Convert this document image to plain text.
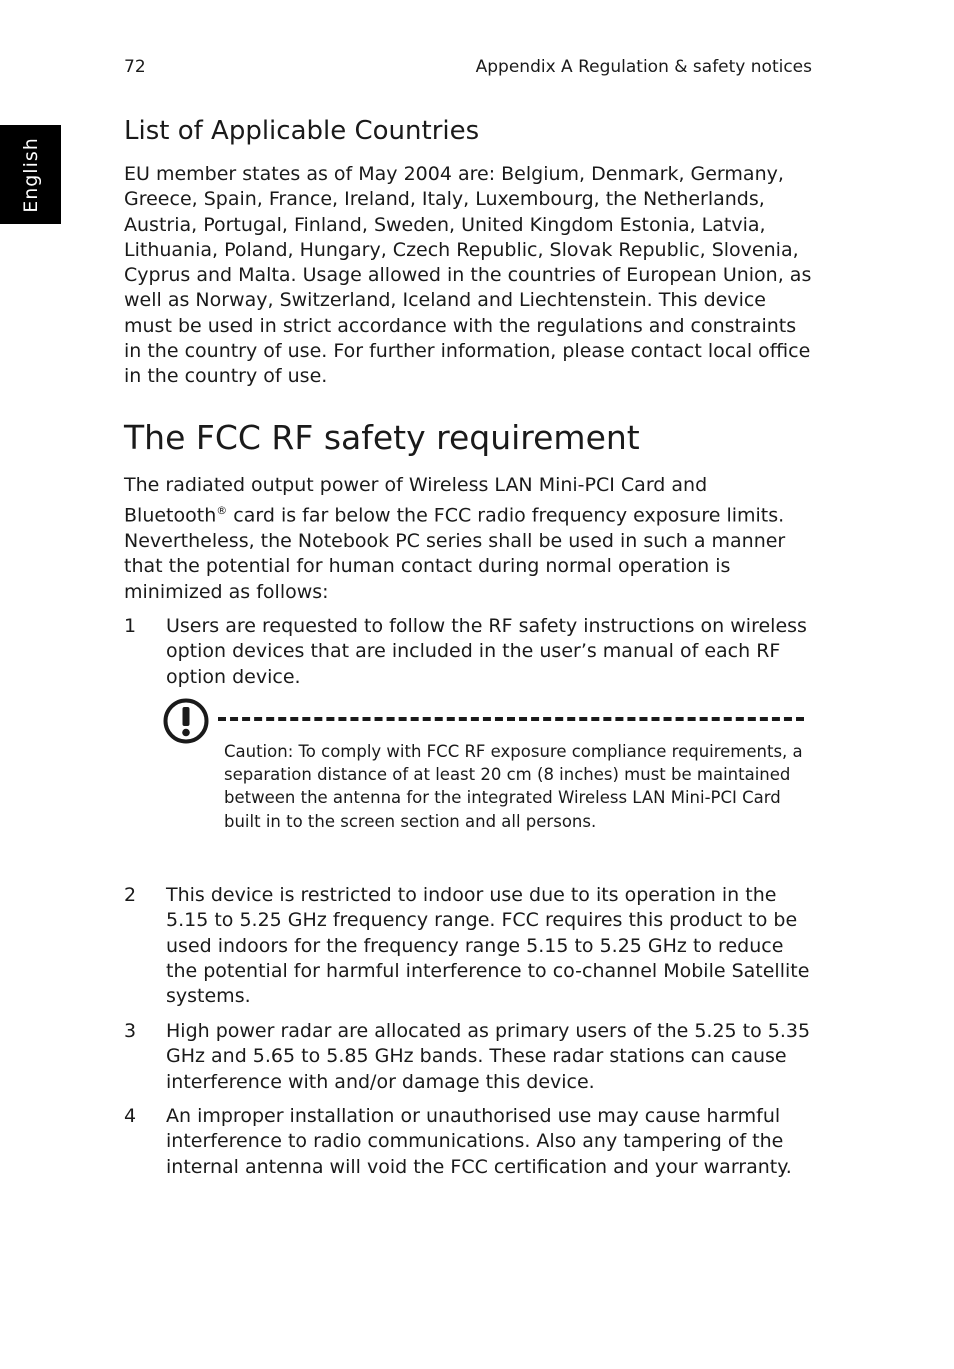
English
72	Appendix A Regulation & safety notices
List of Applicable Countries

EU member states as of May 2004 are: Belgium, Denmark, Germany, Greece, Spain, France, Ireland, Italy, Luxembourg, the Netherlands, Austria, Portugal, Finland, Sweden, United Kingdom Estonia, Latvia, Lithuania, Poland, Hungary, Czech Republic, Slovak Republic, Slovenia, Cyprus and Malta. Usage allowed in the countries of European Union, as well as Norway, Switzerland, Iceland and Liechtenstein. This device must be used in strict accordance with the regulations and constraints in the country of use. For further information, please contact local office in the country of use.

The FCC RF safety requirement

The radiated output power of Wireless LAN Mini-PCI Card and Bluetooth® card is far below the FCC radio frequency exposure limits. Nevertheless, the Notebook PC series shall be used in such a manner that the potential for human contact during normal operation is minimized as follows:

1 Users are requested to follow the RF safety instructions on wireless option devices that are included in the user’s manual of each RF option device.
Caution: To comply with FCC RF exposure compliance requirements, a separation distance of at least 20 cm (8 inches) must be maintained between the antenna for the integrated Wireless LAN Mini-PCI Card built in to the screen section and all persons.
2 This device is restricted to indoor use due to its operation in the 5.15 to 5.25 GHz frequency range. FCC requires this product to be used indoors for the frequency range 5.15 to 5.25 GHz to reduce the potential for harmful interference to co-channel Mobile Satellite systems.
3 High power radar are allocated as primary users of the 5.25 to 5.35 GHz and 5.65 to 5.85 GHz bands. These radar stations can cause interference with and/or damage this device.
4 An improper installation or unauthorised use may cause harmful interference to radio communications. Also any tampering of the internal antenna will void the FCC certification and your warranty.
